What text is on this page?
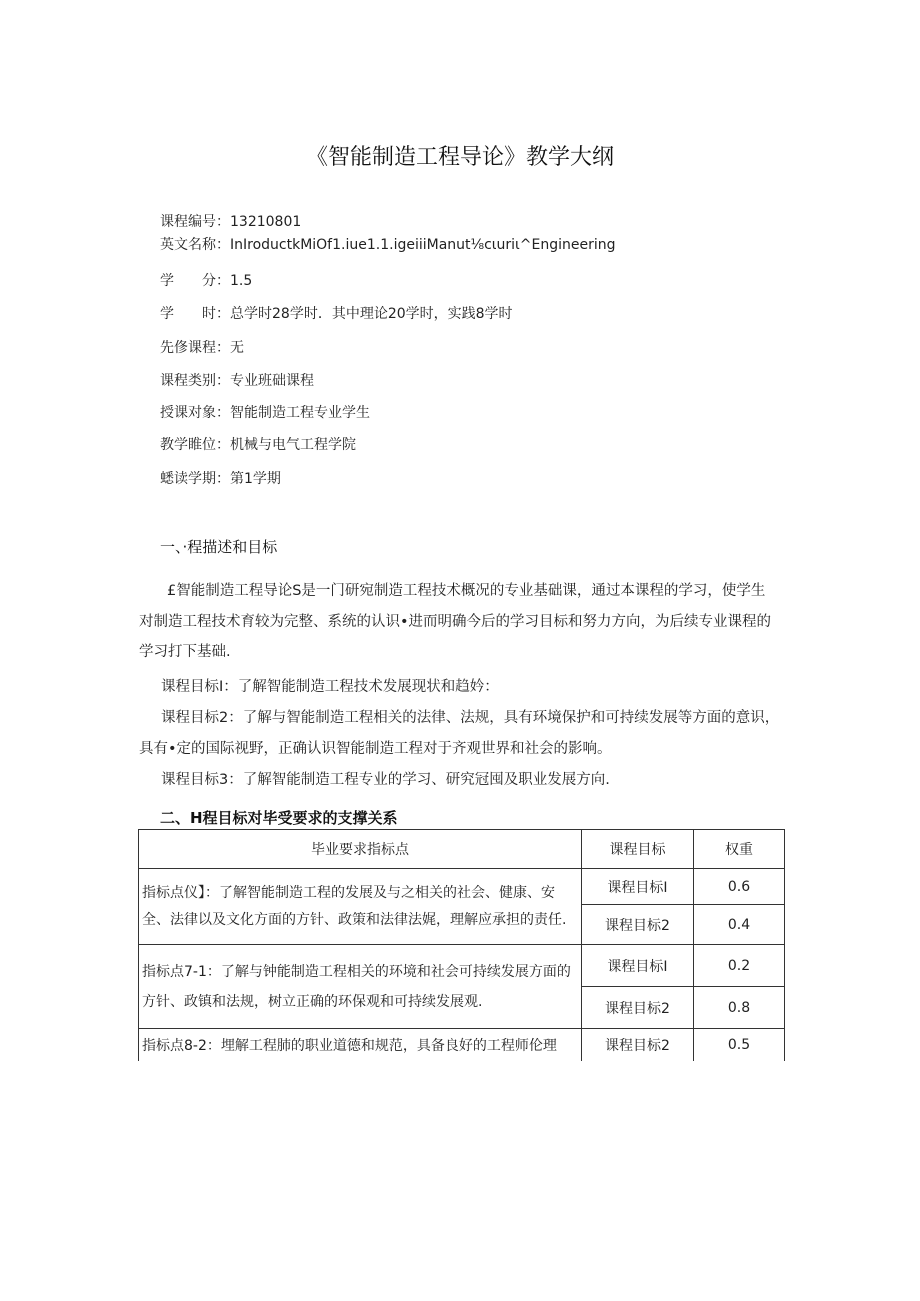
《智能制造工程导论》教学大纲
课程编号：13210801
英文名称：InIroductkMiOf1.iue1.1.igeiiiManut⅛cιuriι^Engineering
学　　分：1.5
学　　时：总学时28学时．其中理论20学时，实践8学时
先俢课程：无
课程类别：专业班础课程
授课对象：智能制造工程专业学生
教学睢位：机械与电气工程学院
蟋读学期：第1学期
一、·程描述和目标
£智能制造工程导论S是一门研宛制造工程技术概况的专业基础课，通过本课程的学习，使学生
对制造工程技术育较为完整、系统的认识•进而明确今后的学习目标和努力方向，为后续专业课程的
学习打下基础.
课程目标I：了解智能制造工程技术发展现状和趋妗：
课程目标2：了解与智能制造工程相关的法律、法规，具有环境保护和可持续发展等方面的意识，
具有•定的国际视野，正确认识智能制造工程对于齐观世界和社会的影响。
课程目标3：了解智能制造工程专业的学习、研究冠囤及职业发展方向.
二、H程目标对毕受要求的支撑关系
毕业要求指标点	课程目标	权重
指标点仪】：了解智能制造工程的发展及与之相关的社会、健康、安全、法律以及文化方面的方针、政策和法律法娓，理解应承担的责任.	课程目标I	0.6
	课程目标2	0.4
指标点7-1：了解与钟能制造工程相关的环境和社会可持续发展方面的方针、政镇和法规，树立正确的环保观和可持续发展观.	课程目标I	0.2
	课程目标2	0.8
指标点8-2：埋解工程肺的职业道德和规范，具备良好的工程师伦理	课程目标2	0.5
